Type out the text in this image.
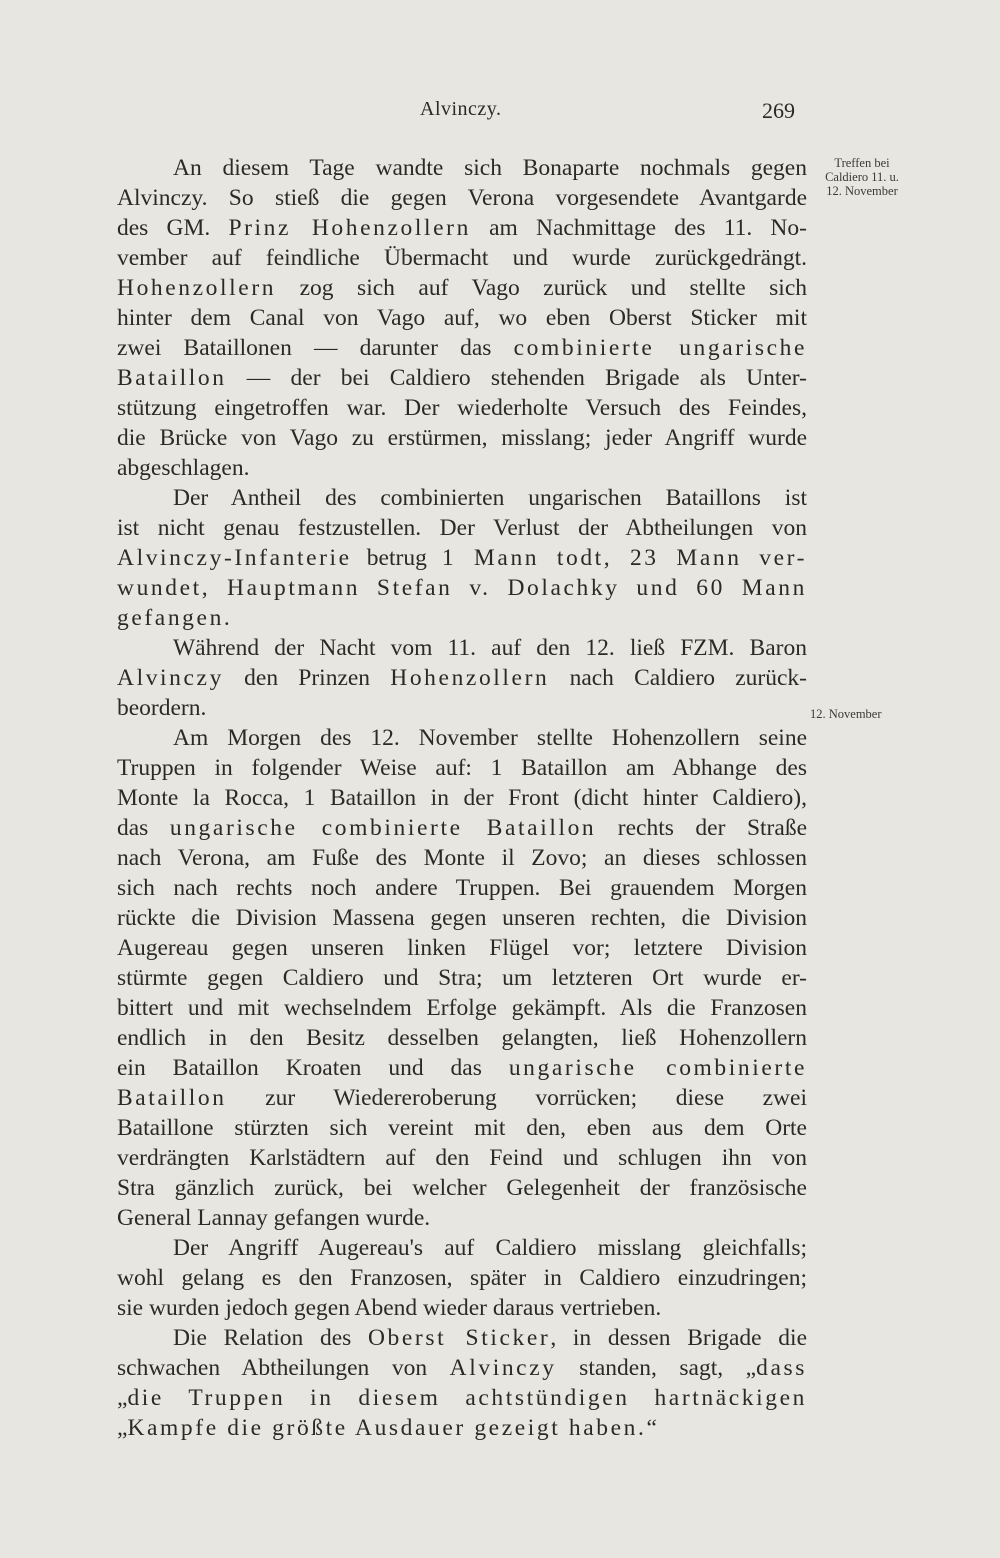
Alvinczy.	269
Treffen bei
Caldiero 11. u.
12. November
12. November
An diesem Tage wandte sich Bonaparte nochmals gegen
Alvinczy. So stieß die gegen Verona vorgesendete Avantgarde
des GM. Prinz Hohenzollern am Nachmittage des 11. No-
vember auf feindliche Übermacht und wurde zurückgedrängt.
Hohenzollern zog sich auf Vago zurück und stellte sich
hinter dem Canal von Vago auf, wo eben Oberst Sticker mit
zwei Bataillonen — darunter das combinierte ungarische
Bataillon — der bei Caldiero stehenden Brigade als Unter-
stützung eingetroffen war. Der wiederholte Versuch des Feindes,
die Brücke von Vago zu erstürmen, misslang; jeder Angriff wurde
abgeschlagen.
Der Antheil des combinierten ungarischen Bataillons ist
ist nicht genau festzustellen. Der Verlust der Abtheilungen von
Alvinczy-Infanterie betrug 1 Mann todt, 23 Mann ver-
wundet, Hauptmann Stefan v. Dolachky und 60 Mann
gefangen.
Während der Nacht vom 11. auf den 12. ließ FZM. Baron
Alvinczy den Prinzen Hohenzollern nach Caldiero zurück-
beordern.
Am Morgen des 12. November stellte Hohenzollern seine
Truppen in folgender Weise auf: 1 Bataillon am Abhange des
Monte la Rocca, 1 Bataillon in der Front (dicht hinter Caldiero),
das ungarische combinierte Bataillon rechts der Straße
nach Verona, am Fuße des Monte il Zovo; an dieses schlossen
sich nach rechts noch andere Truppen. Bei grauendem Morgen
rückte die Division Massena gegen unseren rechten, die Division
Augereau gegen unseren linken Flügel vor; letztere Division
stürmte gegen Caldiero und Stra; um letzteren Ort wurde er-
bittert und mit wechselndem Erfolge gekämpft. Als die Franzosen
endlich in den Besitz desselben gelangten, ließ Hohenzollern
ein Bataillon Kroaten und das ungarische combinierte
Bataillon zur Wiedereroberung vorrücken; diese zwei
Bataillone stürzten sich vereint mit den, eben aus dem Orte
verdrängten Karlstädtern auf den Feind und schlugen ihn von
Stra gänzlich zurück, bei welcher Gelegenheit der französische
General Lannay gefangen wurde.
Der Angriff Augereau's auf Caldiero misslang gleichfalls;
wohl gelang es den Franzosen, später in Caldiero einzudringen;
sie wurden jedoch gegen Abend wieder daraus vertrieben.
Die Relation des Oberst Sticker, in dessen Brigade die
schwachen Abtheilungen von Alvinczy standen, sagt, „dass
„die Truppen in diesem achtstündigen hartnäckigen
„Kampfe die größte Ausdauer gezeigt haben.“
